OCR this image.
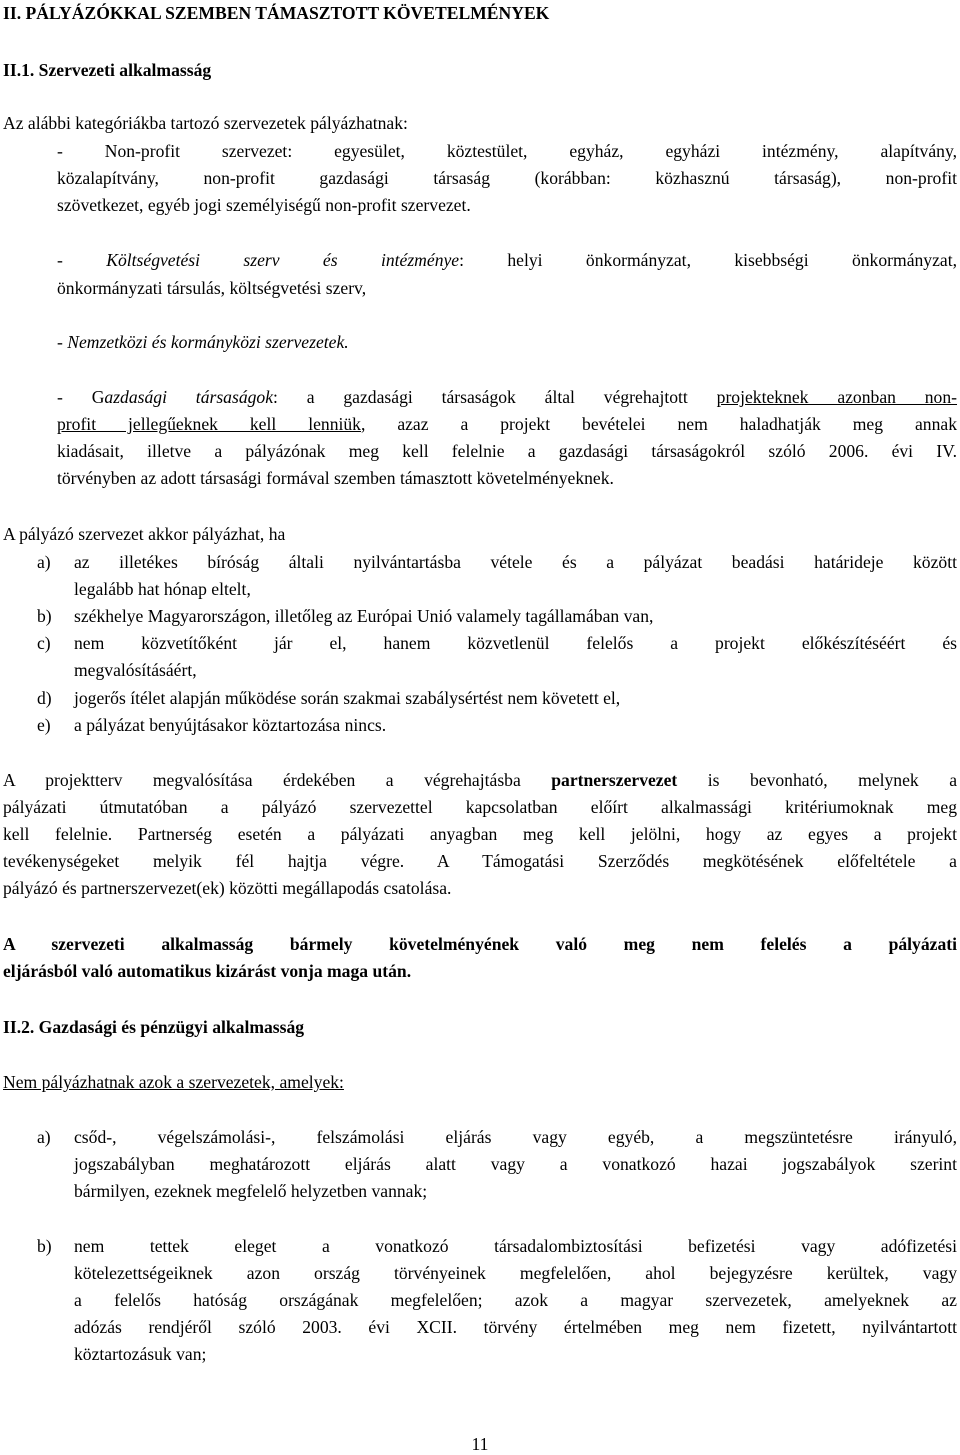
II. PÁLYÁZÓKKAL SZEMBEN TÁMASZTOTT KÖVETELMÉNYEK
II.1. Szervezeti alkalmasság
Az alábbi kategóriákba tartozó szervezetek pályázhatnak:
- Non-profit szervezet: egyesület, köztestület, egyház, egyházi intézmény, alapítvány,
közalapítvány, non-profit gazdasági társaság (korábban: közhasznú társaság), non-profit
szövetkezet, egyéb jogi személyiségű non-profit szervezet.
- Költségvetési szerv és intézménye: helyi önkormányzat, kisebbségi önkormányzat,
önkormányzati társulás, költségvetési szerv,
- Nemzetközi és kormányközi szervezetek.
- Gazdasági társaságok: a gazdasági társaságok által végrehajtott projekteknek azonban non-
profit jellegűeknek kell lenniük, azaz a projekt bevételei nem haladhatják meg annak
kiadásait, illetve a pályázónak meg kell felelnie a gazdasági társaságokról szóló 2006. évi IV.
törvényben az adott társasági formával szemben támasztott követelményeknek.
A pályázó szervezet akkor pályázhat, ha
a) az illetékes bíróság általi nyilvántartásba vétele és a pályázat beadási határideje között
legalább hat hónap eltelt,
b) székhelye Magyarországon, illetőleg az Európai Unió valamely tagállamában van,
c) nem közvetítőként jár el, hanem közvetlenül felelős a projekt előkészítéséért és
megvalósításáért,
d) jogerős ítélet alapján működése során szakmai szabálysértést nem követett el,
e) a pályázat benyújtásakor köztartozása nincs.
A projektterv megvalósítása érdekében a végrehajtásba partnerszervezet is bevonható, melynek a
pályázati útmutatóban a pályázó szervezettel kapcsolatban előírt alkalmassági kritériumoknak meg
kell felelnie. Partnerség esetén a pályázati anyagban meg kell jelölni, hogy az egyes a projekt
tevékenységeket melyik fél hajtja végre. A Támogatási Szerződés megkötésének előfeltétele a
pályázó és partnerszervezet(ek) közötti megállapodás csatolása.
A szervezeti alkalmasság bármely követelményének való meg nem felelés a pályázati
eljárásból való automatikus kizárást vonja maga után.
II.2. Gazdasági és pénzügyi alkalmasság
Nem pályázhatnak azok a szervezetek, amelyek:
a) csőd-, végelszámolási-, felszámolási eljárás vagy egyéb, a megszüntetésre irányuló,
jogszabályban meghatározott eljárás alatt vagy a vonatkozó hazai jogszabályok szerint
bármilyen, ezeknek megfelelő helyzetben vannak;
b) nem tettek eleget a vonatkozó társadalombiztosítási befizetési vagy adófizetési
kötelezettségeiknek azon ország törvényeinek megfelelően, ahol bejegyzésre kerültek, vagy
a felelős hatóság országának megfelelően; azok a magyar szervezetek, amelyeknek az
adózás rendjéről szóló 2003. évi XCII. törvény értelmében meg nem fizetett, nyilvántartott
köztartozásuk van;
11
